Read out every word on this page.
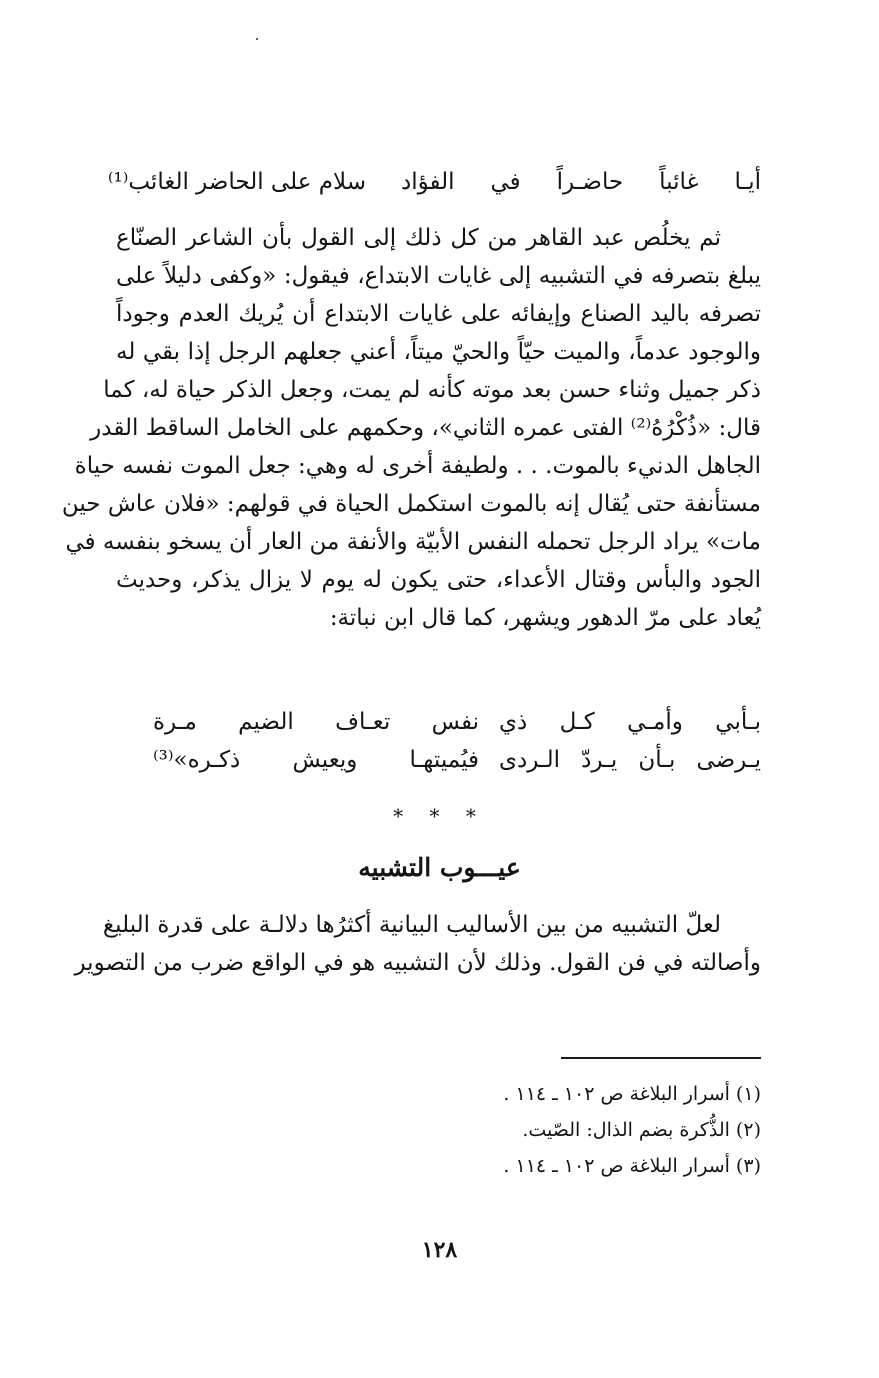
أيـا غائباً حاضـراً في الفؤاد
سلام على الحاضر الغائب⁽¹⁾
ثم يخلُص عبد القاهر من كل ذلك إلى القول بأن الشاعر الصنّاع
يبلغ بتصرفه في التشبيه إلى غايات الابتداع، فيقول: «وكفى دليلاً على
تصرفه باليد الصناع وإيفائه على غايات الابتداع أن يُريك العدم وجوداً
والوجود عدماً، والميت حيّاً والحيّ ميتاً، أعني جعلهم الرجل إذا بقي له
ذكر جميل وثناء حسن بعد موته كأنه لم يمت، وجعل الذكر حياة له، كما
قال: «ذُكْرُهُ⁽²⁾ الفتى عمره الثاني»، وحكمهم على الخامل الساقط القدر
الجاهل الدنيء بالموت. . . ولطيفة أخرى له وهي: جعل الموت نفسه حياة
مستأنفة حتى يُقال إنه بالموت استكمل الحياة في قولهم: «فلان عاش حين
مات» يراد الرجل تحمله النفس الأبيّة والأنفة من العار أن يسخو بنفسه في
الجود والبأس وقتال الأعداء، حتى يكون له يوم لا يزال يذكر، وحديث
يُعاد على مرّ الدهور ويشهر، كما قال ابن نباتة:
بـأبي وأمـي كـل ذي
نفس تعـاف الضيم مـرة
يـرضى بـأن يـردّ الـردى
فيُميتهـا ويعيش ذكـره»⁽³⁾
* * *
عيـــوب التشبيه
لعلّ التشبيه من بين الأساليب البيانية أكثرُها دلالـة على قدرة البليغ
وأصالته في فن القول. وذلك لأن التشبيه هو في الواقع ضرب من التصوير
(١) أسرار البلاغة ص ١٠٢ ـ ١١٤ .
(٢) الذُّكرة بضم الذال: الصّيت.
(٣) أسرار البلاغة ص ١٠٢ ـ ١١٤ .
١٢٨
